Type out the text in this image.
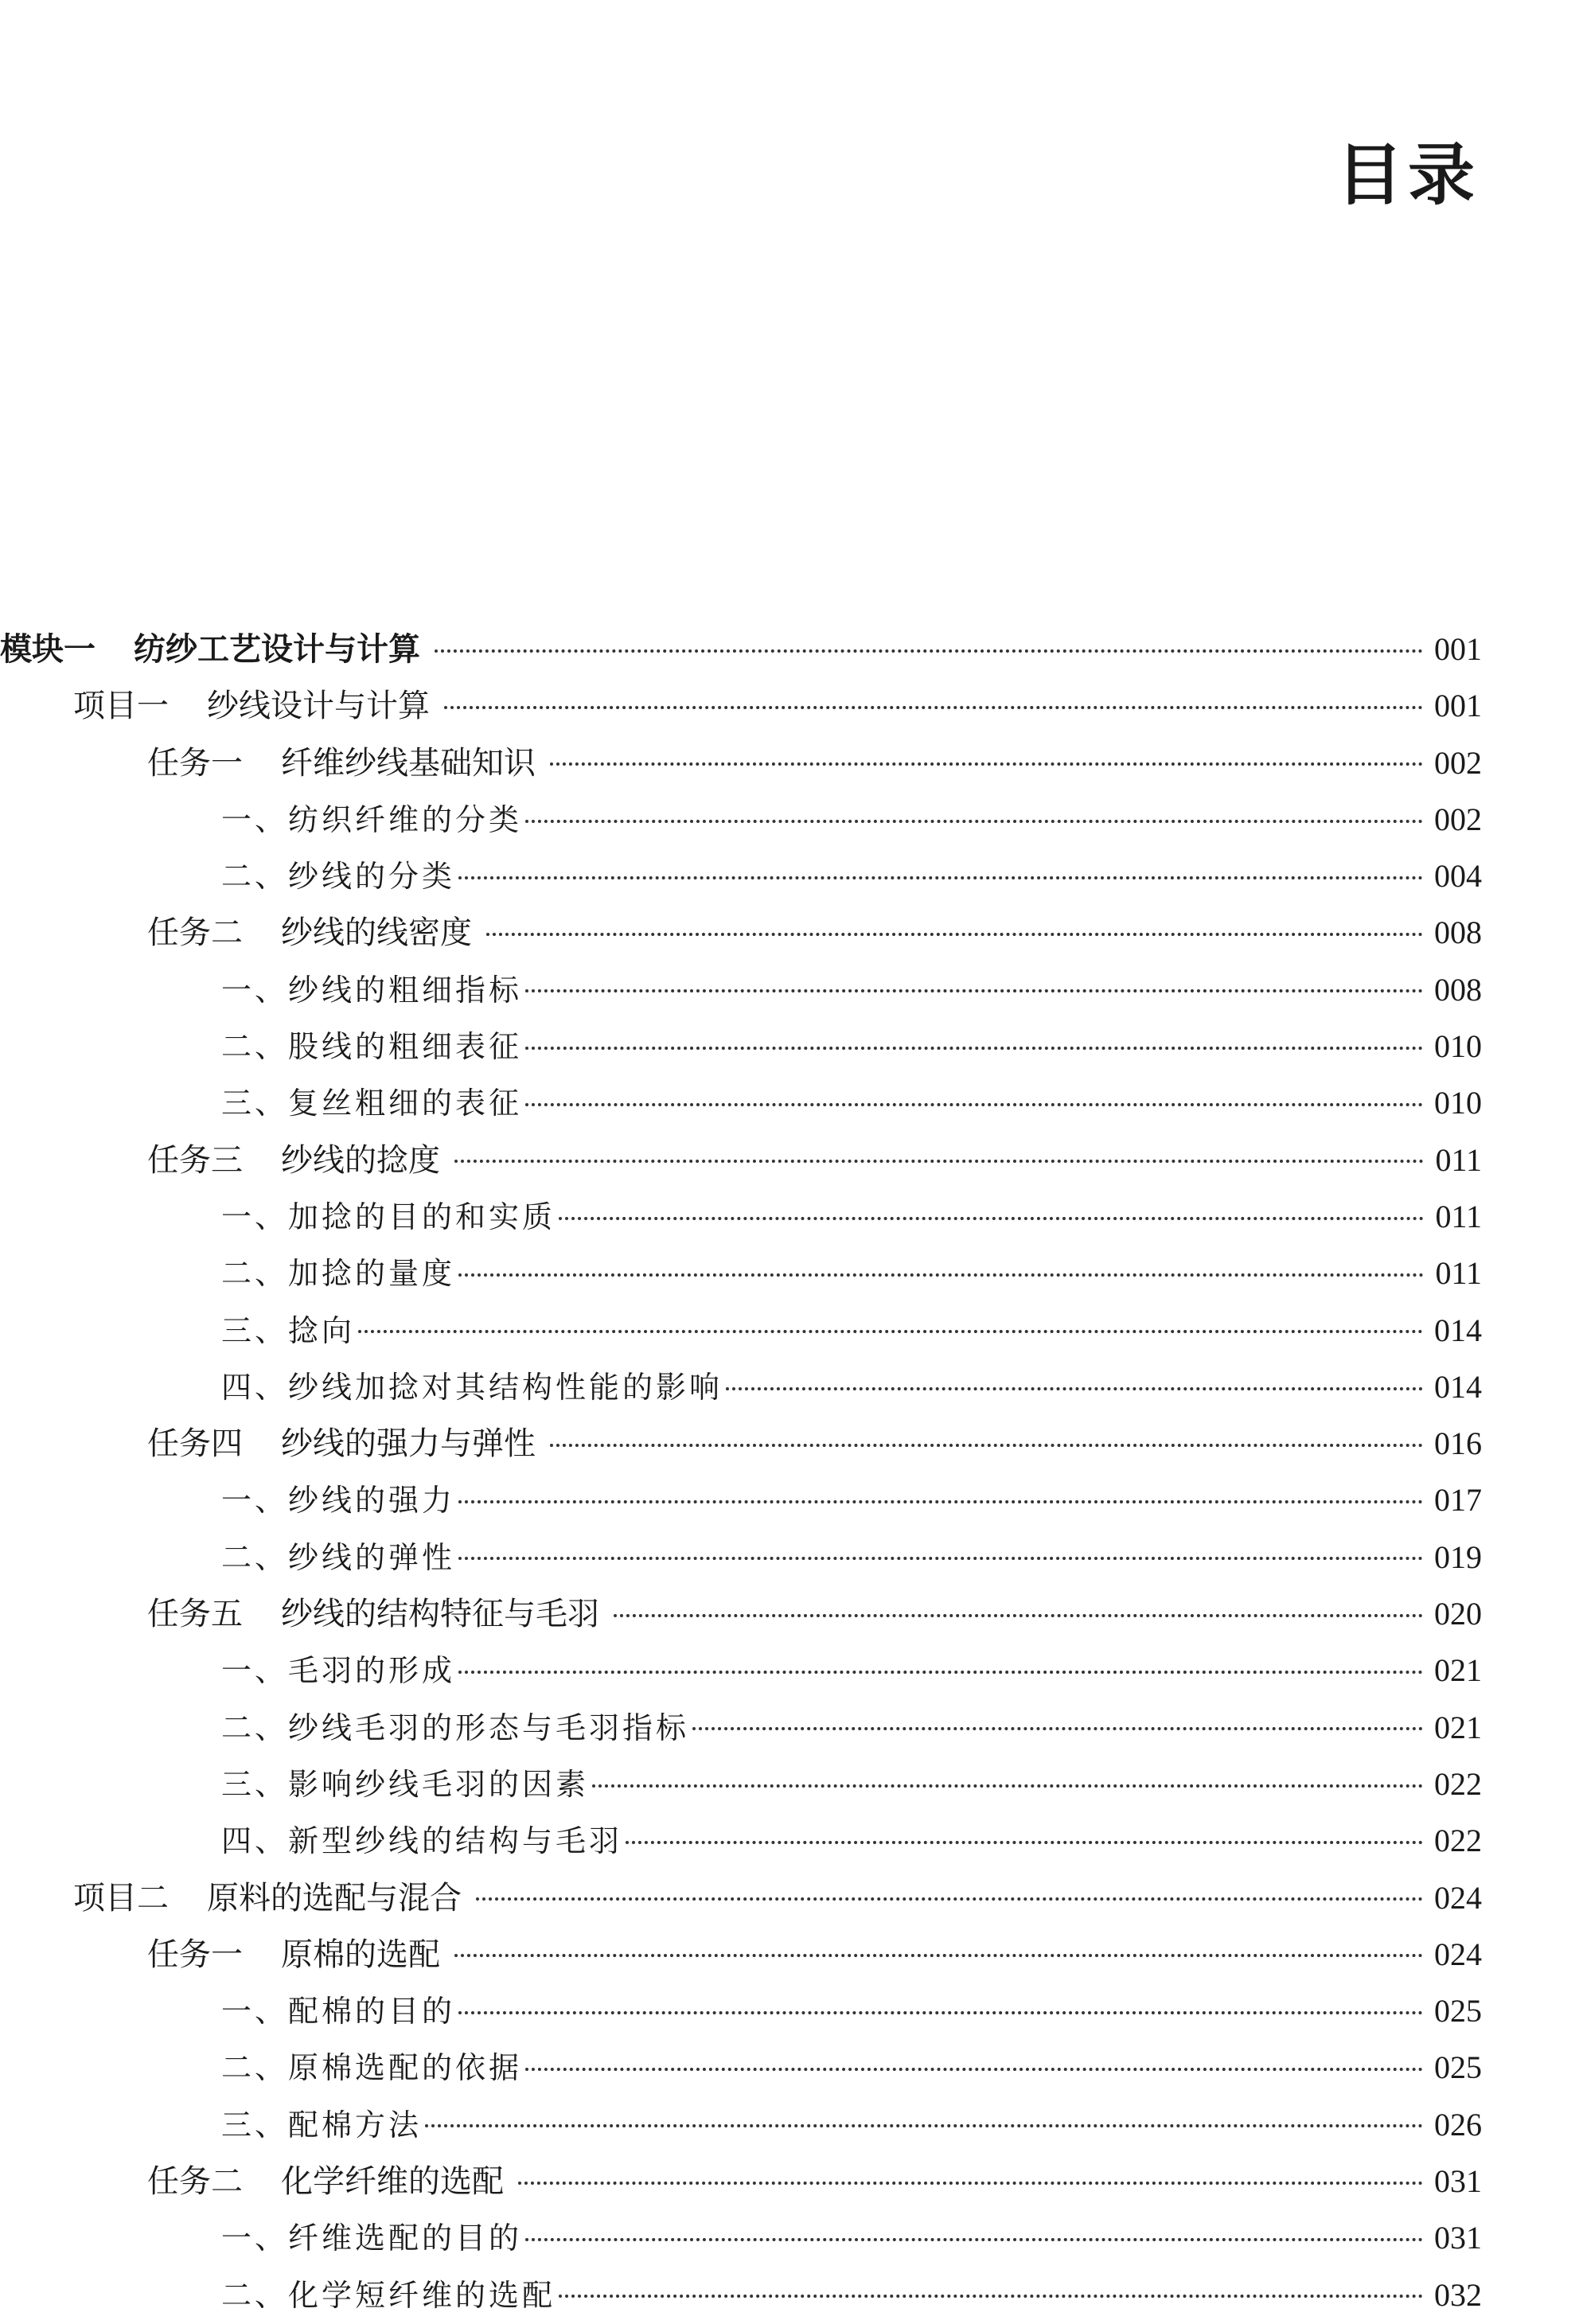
目录
模块一 纺纱工艺设计与计算	001
项目一 纱线设计与计算	001
任务一 纤维纱线基础知识	002
一、纺织纤维的分类	002
二、纱线的分类	004
任务二 纱线的线密度	008
一、纱线的粗细指标	008
二、股线的粗细表征	010
三、复丝粗细的表征	010
任务三 纱线的捻度	011
一、加捻的目的和实质	011
二、加捻的量度	011
三、捻向	014
四、纱线加捻对其结构性能的影响	014
任务四 纱线的强力与弹性	016
一、纱线的强力	017
二、纱线的弹性	019
任务五 纱线的结构特征与毛羽	020
一、毛羽的形成	021
二、纱线毛羽的形态与毛羽指标	021
三、影响纱线毛羽的因素	022
四、新型纱线的结构与毛羽	022
项目二 原料的选配与混合	024
任务一 原棉的选配	024
一、配棉的目的	025
二、原棉选配的依据	025
三、配棉方法	026
任务二 化学纤维的选配	031
一、纤维选配的目的	031
二、化学短纤维的选配	032
